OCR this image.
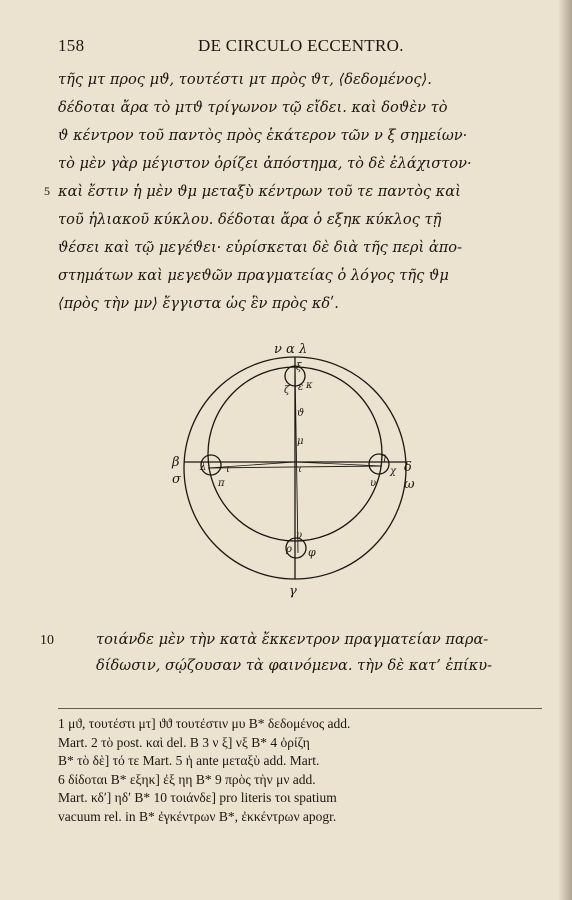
158	DE CIRCULO ECCENTRO.
τῆς μτ προς μϑ, τουτέστι μτ πρὸς ϑτ, ⟨δεδομένος⟩.
δέδοται ἄρα τὸ μτϑ τρίγωνον τῷ εἴδει. καὶ δοϑὲν τὸ
ϑ κέντρον τοῦ παντὸς πρὸς ἑκάτερον τῶν ν ξ σημείων·
τὸ μὲν γὰρ μέγιστον ὁρίζει ἀπόστημα, τὸ δὲ ἐλάχιστον·
5 καὶ ἔστιν ἡ μὲν ϑμ μεταξὺ κέντρων τοῦ τε παντὸς καὶ
τοῦ ἡλιακοῦ κύκλου. δέδοται ἄρα ὁ εξηκ κύκλος τῇ
ϑέσει καὶ τῷ μεγέϑει· εὑρίσκεται δὲ διὰ τῆς περὶ ἀπο-
στημάτων καὶ μεγεϑῶν πραγματείας ὁ λόγος τῆς ϑμ
⟨πρὸς τὴν μν⟩ ἔγγιστα ὡς ἓν πρὸς κδʹ.
ν α λ
ξ
ε
ζ κ
ϑ
μ
τ
β
σ
λ
π
ι	δ
ω
η
χ
υ
υ
ρ φ
γ
10	τοιάνδε μὲν τὴν κατὰ ἔκκεντρον πραγματείαν παρα-
δίδωσιν, σῴζουσαν τὰ φαινόμενα. τὴν δὲ κατ’ ἐπίκυ-
1 μϑ, τουτέστι μτ] ϑϑ τουτέστιν μυ B* δεδομένος add.
Mart. 2 τὸ post. καὶ del. B 3 ν ξ] νξ B* 4 ὁρίζη
B* τὸ δὲ] τό τε Mart. 5 ἡ ante μεταξὺ add. Mart.
6 δίδοται B* εξηκ] ἐξ ηη B* 9 πρὸς τὴν μν add.
Mart. κδʹ] ηδʹ B* 10 τοιάνδε] pro literis τοι spatium
vacuum rel. in B* ἐγκέντρων B*, ἐκκέντρων apogr.
